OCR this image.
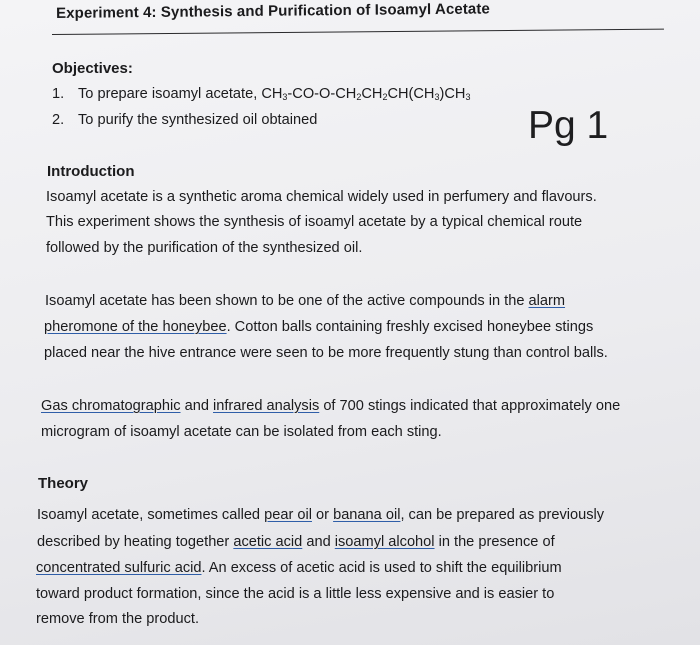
Experiment 4: Synthesis and Purification of Isoamyl Acetate
Objectives:
1. To prepare isoamyl acetate, $CH_3-CO-O-CH_2CH_2CH(CH_3)CH_3$
2. To purify the synthesized oil obtained	Pg 1
Introduction
Isoamyl acetate is a synthetic aroma chemical widely used in perfumery and flavours.
This experiment shows the synthesis of isoamyl acetate by a typical chemical route
followed by the purification of the synthesized oil.
Isoamyl acetate has been shown to be one of the active compounds in the alarm
pheromone of the honeybee. Cotton balls containing freshly excised honeybee stings
placed near the hive entrance were seen to be more frequently stung than control balls.
Gas chromatographic and infrared analysis of 700 stings indicated that approximately one
microgram of isoamyl acetate can be isolated from each sting.
Theory
Isoamyl acetate, sometimes called pear oil or banana oil, can be prepared as previously
described by heating together acetic acid and isoamyl alcohol in the presence of
concentrated sulfuric acid. An excess of acetic acid is used to shift the equilibrium
toward product formation, since the acid is a little less expensive and is easier to
remove from the product.
